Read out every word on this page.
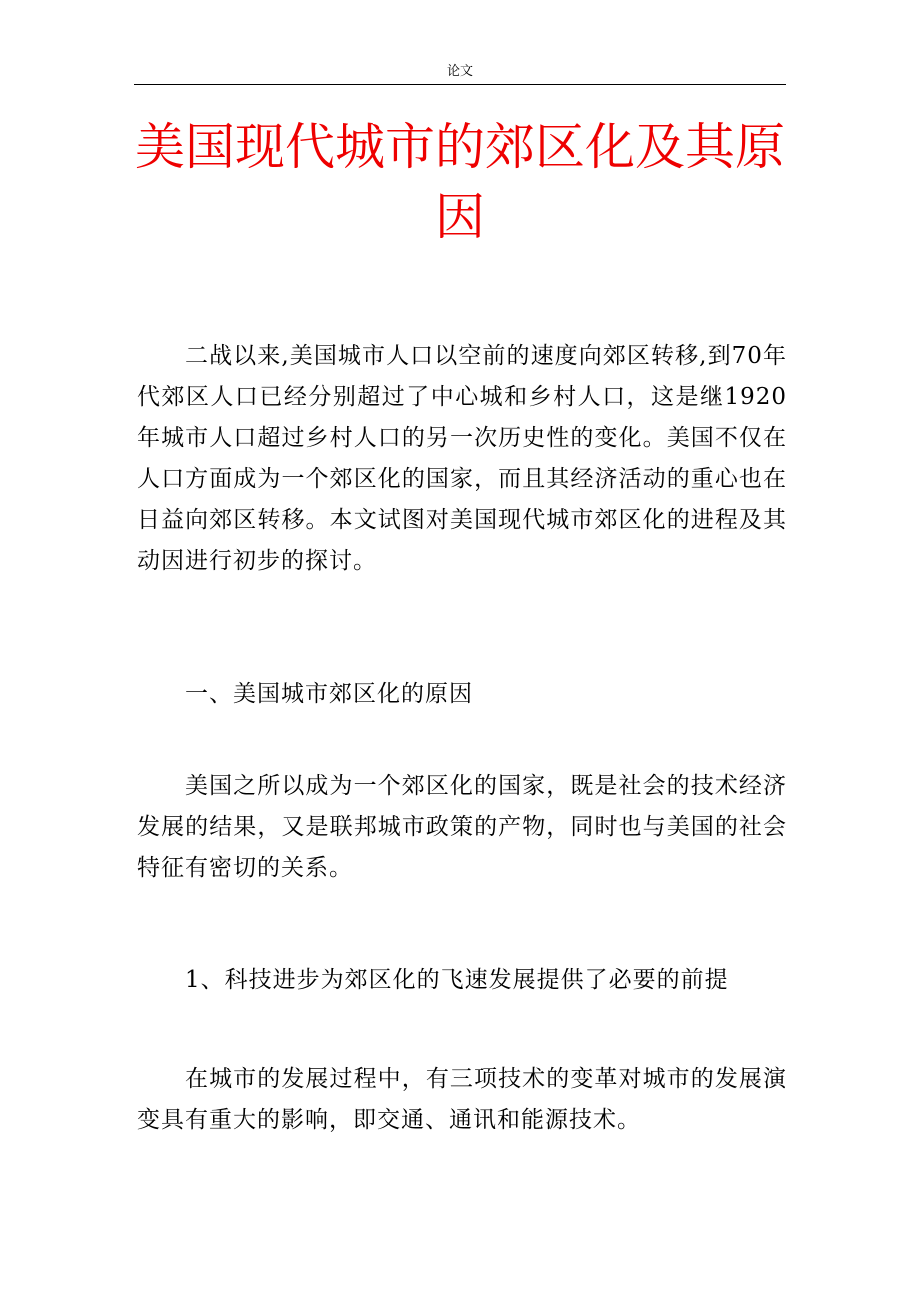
论文
美国现代城市的郊区化及其原因

二战以来,美国城市人口以空前的速度向郊区转移,到70年代郊区人口已经分别超过了中心城和乡村人口，这是继1920年城市人口超过乡村人口的另一次历史性的变化。美国不仅在人口方面成为一个郊区化的国家，而且其经济活动的重心也在日益向郊区转移。本文试图对美国现代城市郊区化的进程及其动因进行初步的探讨。

一、美国城市郊区化的原因

美国之所以成为一个郊区化的国家，既是社会的技术经济发展的结果，又是联邦城市政策的产物，同时也与美国的社会特征有密切的关系。

1、科技进步为郊区化的飞速发展提供了必要的前提

在城市的发展过程中，有三项技术的变革对城市的发展演变具有重大的影响，即交通、通讯和能源技术。
